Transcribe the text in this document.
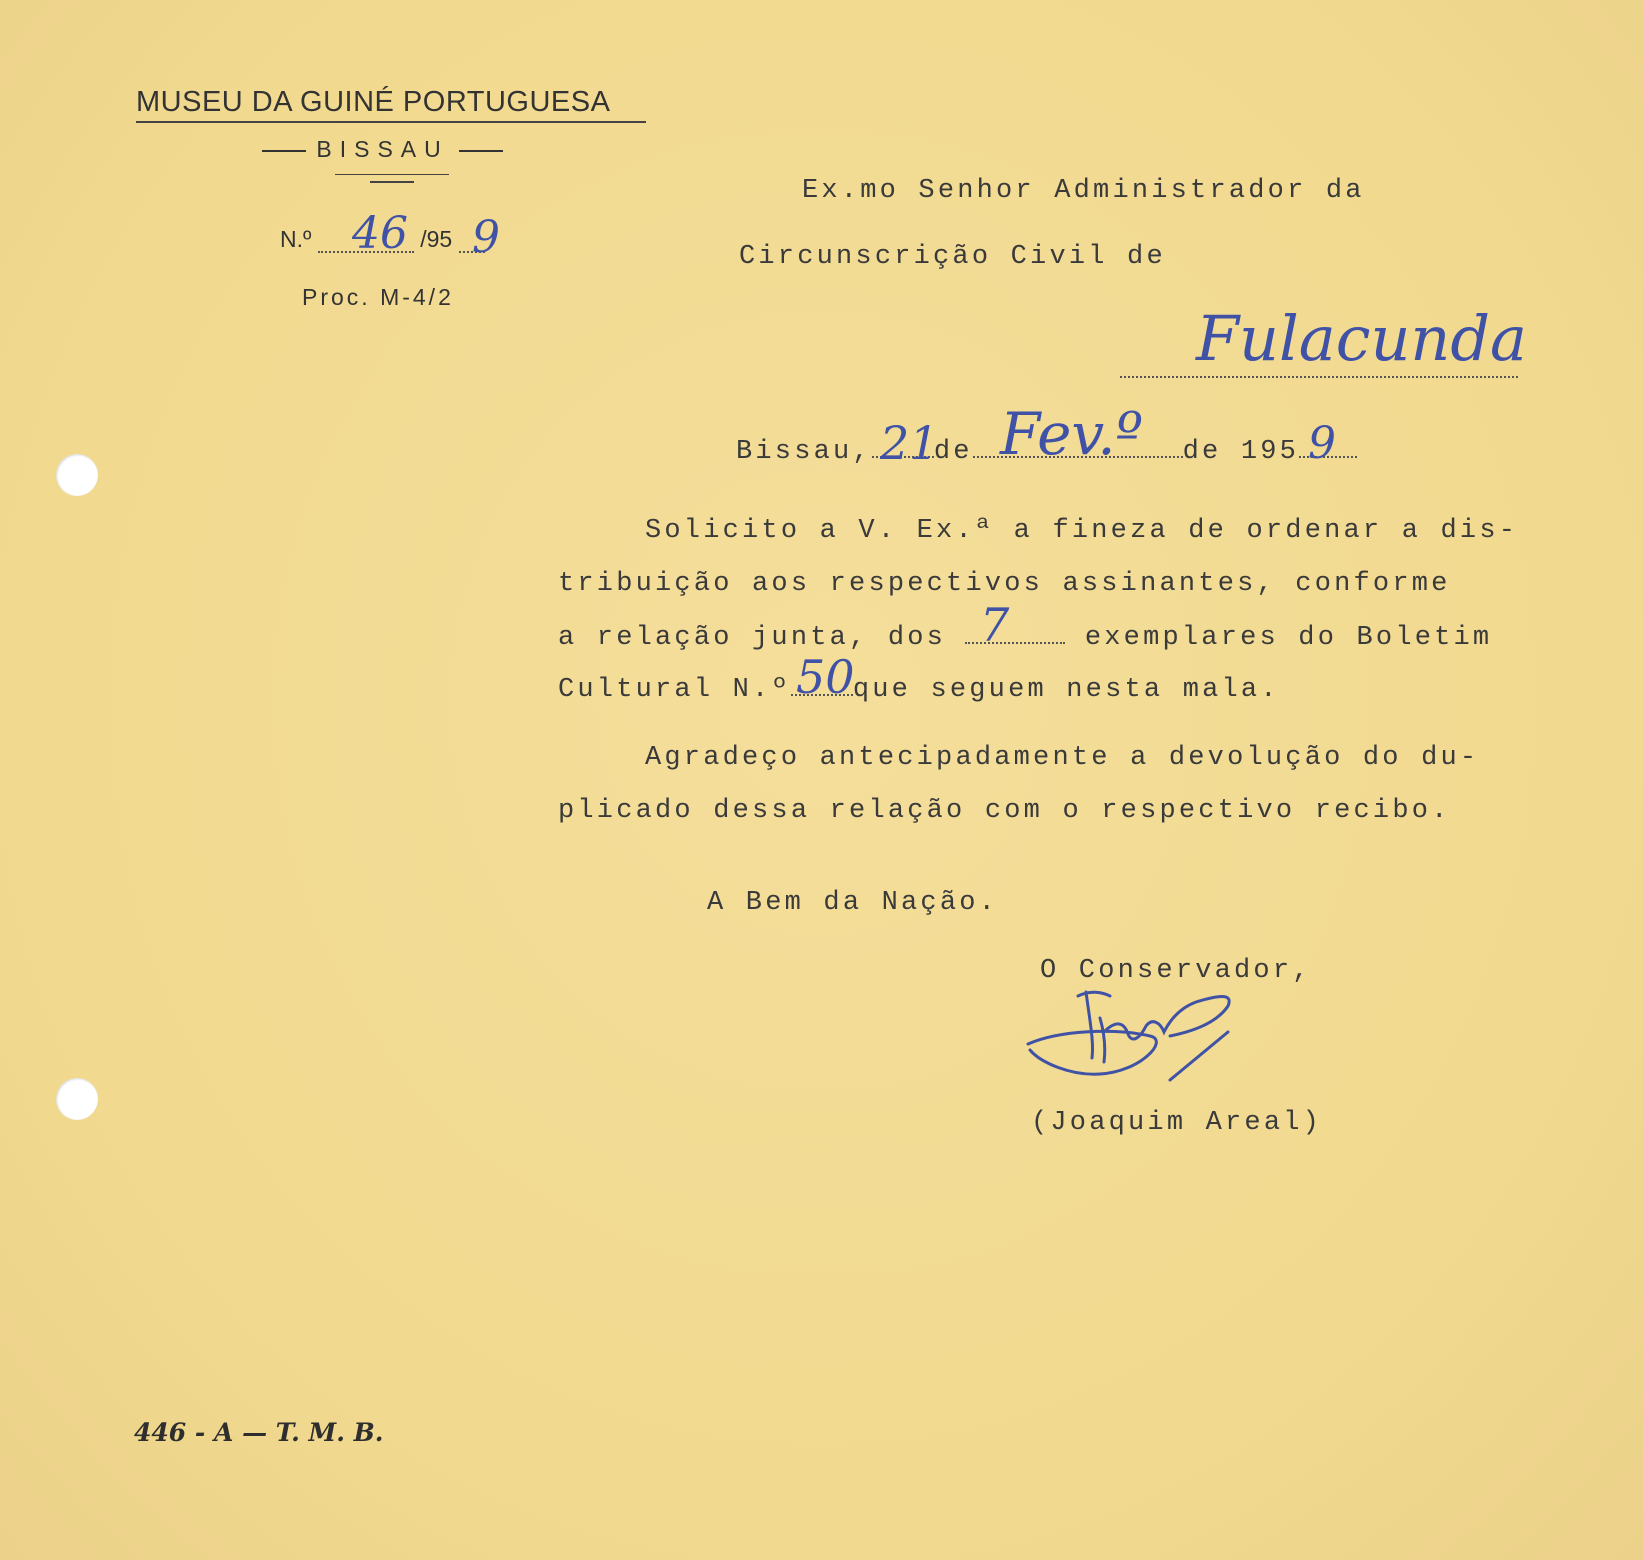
MUSEU DA GUINÉ PORTUGUESA
BISSAU
N.º	/95
46 9
Proc. M-4/2
Ex.mo Senhor Administrador da
Circunscrição Civil de
Fulacunda
Bissau, de	de 195
21 Fev.º	9
Solicito a V. Ex.ª a fineza de ordenar a dis-
tribuição aos respectivos assinantes, conforme
a relação junta, dos	exemplares do Boletim
7
Cultural N.º que seguem nesta mala.
50
Agradeço antecipadamente a devolução do du-
plicado dessa relação com o respectivo recibo.
A Bem da Nação.
O Conservador,
(Joaquim Areal)
446 - A — T. M. B.
